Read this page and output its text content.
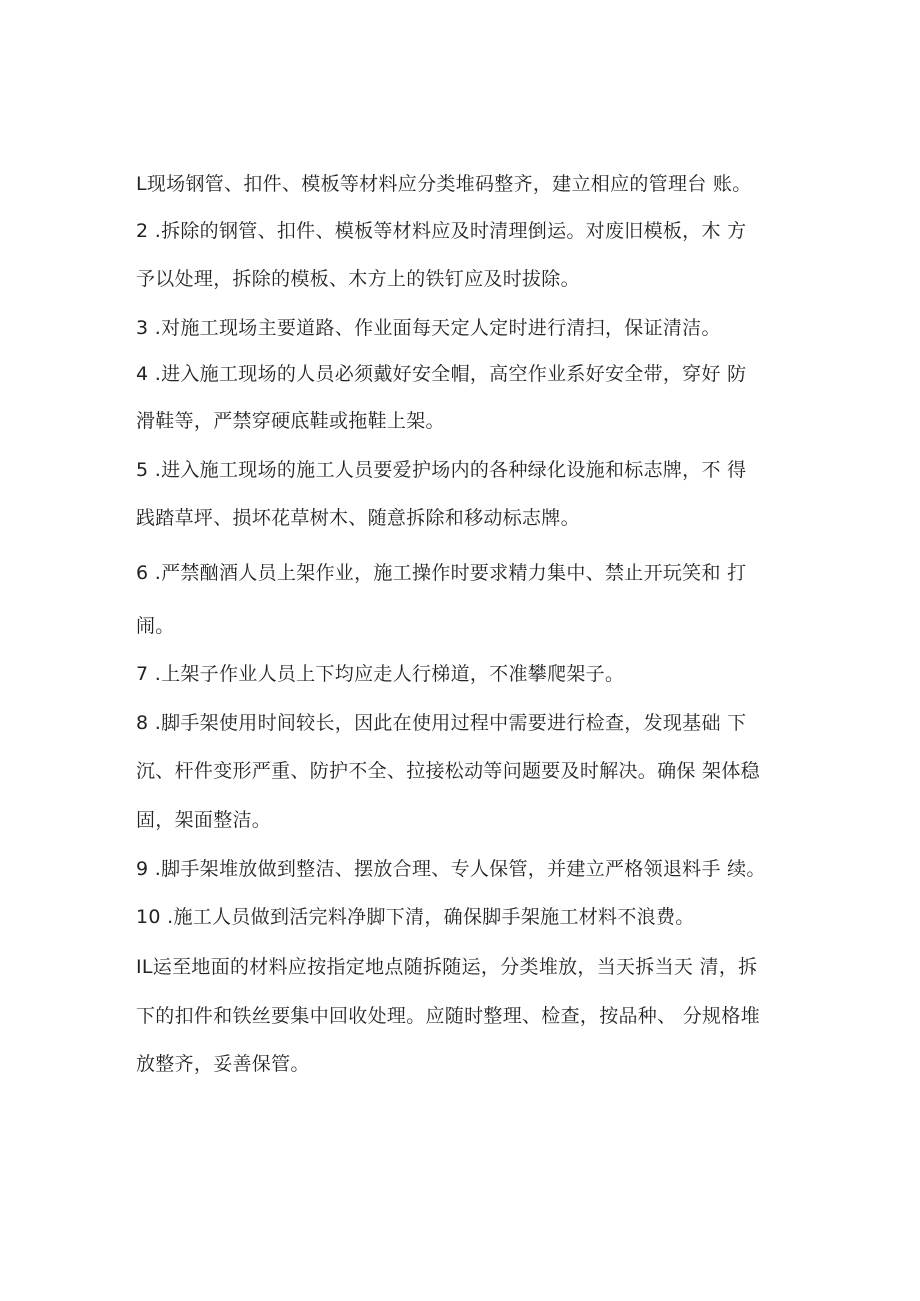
L现场钢管、扣件、模板等材料应分类堆码整齐，建立相应的管理台 账。
2 .拆除的钢管、扣件、模板等材料应及时清理倒运。对废旧模板，木 方
予以处理，拆除的模板、木方上的铁钉应及时拔除。
3 .对施工现场主要道路、作业面每天定人定时进行清扫，保证清洁。
4 .进入施工现场的人员必须戴好安全帽，高空作业系好安全带，穿好 防
滑鞋等，严禁穿硬底鞋或拖鞋上架。
5 .进入施工现场的施工人员要爱护场内的各种绿化设施和标志牌，不 得
践踏草坪、损坏花草树木、随意拆除和移动标志牌。
6 .严禁酗酒人员上架作业，施工操作时要求精力集中、禁止开玩笑和 打
闹。
7 .上架子作业人员上下均应走人行梯道，不准攀爬架子。
8 .脚手架使用时间较长，因此在使用过程中需要进行检查，发现基础 下
沉、杆件变形严重、防护不全、拉接松动等问题要及时解决。确保 架体稳
固，架面整洁。
9 .脚手架堆放做到整洁、摆放合理、专人保管，并建立严格领退料手 续。
10 .施工人员做到活完料净脚下清，确保脚手架施工材料不浪费。
IL运至地面的材料应按指定地点随拆随运，分类堆放，当天拆当天 清，拆
下的扣件和铁丝要集中回收处理。应随时整理、检查，按品种、 分规格堆
放整齐，妥善保管。
